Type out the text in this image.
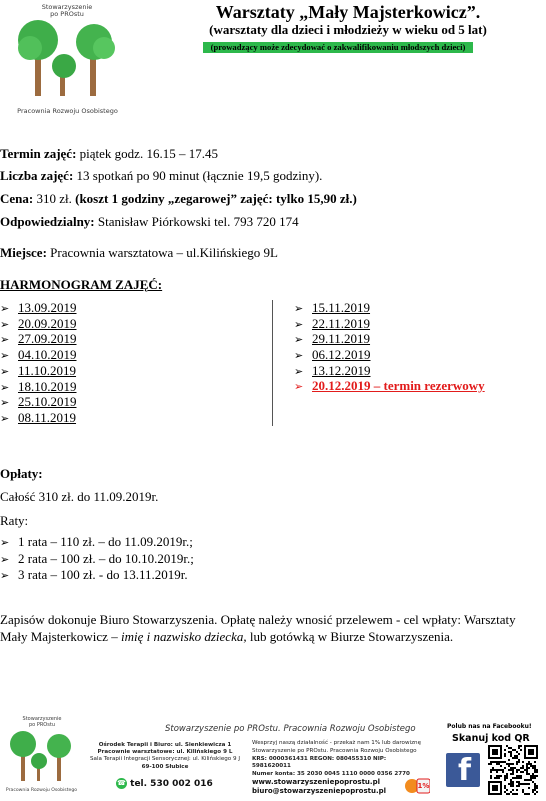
Stowarzyszenie
po PROstu
Pracownia Rozwoju Osobistego
Warsztaty „Mały Majsterkowicz”.
(warsztaty dla dzieci i młodzieży w wieku od 5 lat)
(prowadzący może zdecydować o zakwalifikowaniu młodszych dzieci)
Termin zajęć: piątek godz. 16.15 – 17.45
Liczba zajęć: 13 spotkań po 90 minut (łącznie 19,5 godziny).
Cena: 310 zł. (koszt 1 godziny „zegarowej” zajęć: tylko 15,90 zł.)
Odpowiedzialny: Stanisław Piórkowski tel. 793 720 174
Miejsce: Pracownia warsztatowa – ul.Kilińskiego 9L
HARMONOGRAM ZAJĘĆ:
➢ 13.09.2019
➢ 20.09.2019
➢ 27.09.2019
➢ 04.10.2019
➢ 11.10.2019
➢ 18.10.2019
➢ 25.10.2019
➢ 08.11.2019
➢ 15.11.2019
➢ 22.11.2019
➢ 29.11.2019
➢ 06.12.2019
➢ 13.12.2019
➢ 20.12.2019 – termin rezerwowy
Opłaty:
Całość 310 zł. do 11.09.2019r.
Raty:
➢ 1 rata – 110 zł. – do 11.09.2019r.;
➢ 2 rata – 100 zł. – do 10.10.2019r.;
➢ 3 rata – 100 zł. - do 13.11.2019r.
Zapisów dokonuje Biuro Stowarzyszenia. Opłatę należy wnosić przelewem - cel wpłaty: Warsztaty Mały Majsterkowicz – imię i nazwisko dziecka, lub gotówką w Biurze Stowarzyszenia.
Stowarzyszenie
po PROstu
Pracownia Rozwoju Osobistego
Stowarzyszenie po PROstu. Pracownia Rozwoju Osobistego
Ośrodek Terapii i Biuro: ul. Sienkiewicza 1
Pracownie warsztatowe: ul. Kilińskiego 9 L
Sala Terapii Integracji Sensorycznej: ul. Kilińskiego 9 J
69-100 Słubice
☎ tel. 530 002 016
Wesprzyj naszą działalność - przekaż nam 1% lub darowiznę
Stowarzyszenie po PROstu. Pracownia Rozwoju Osobistego
KRS: 0000361431 REGON: 080455310 NIP: 5981620011
Numer konta: 35 2030 0045 1110 0000 0356 2770
www.stowarzyszeniepoprostu.pl
biuro@stowarzyszeniepoprostu.pl
1%
Polub nas na Facebooku!
Skanuj kod QR
f
